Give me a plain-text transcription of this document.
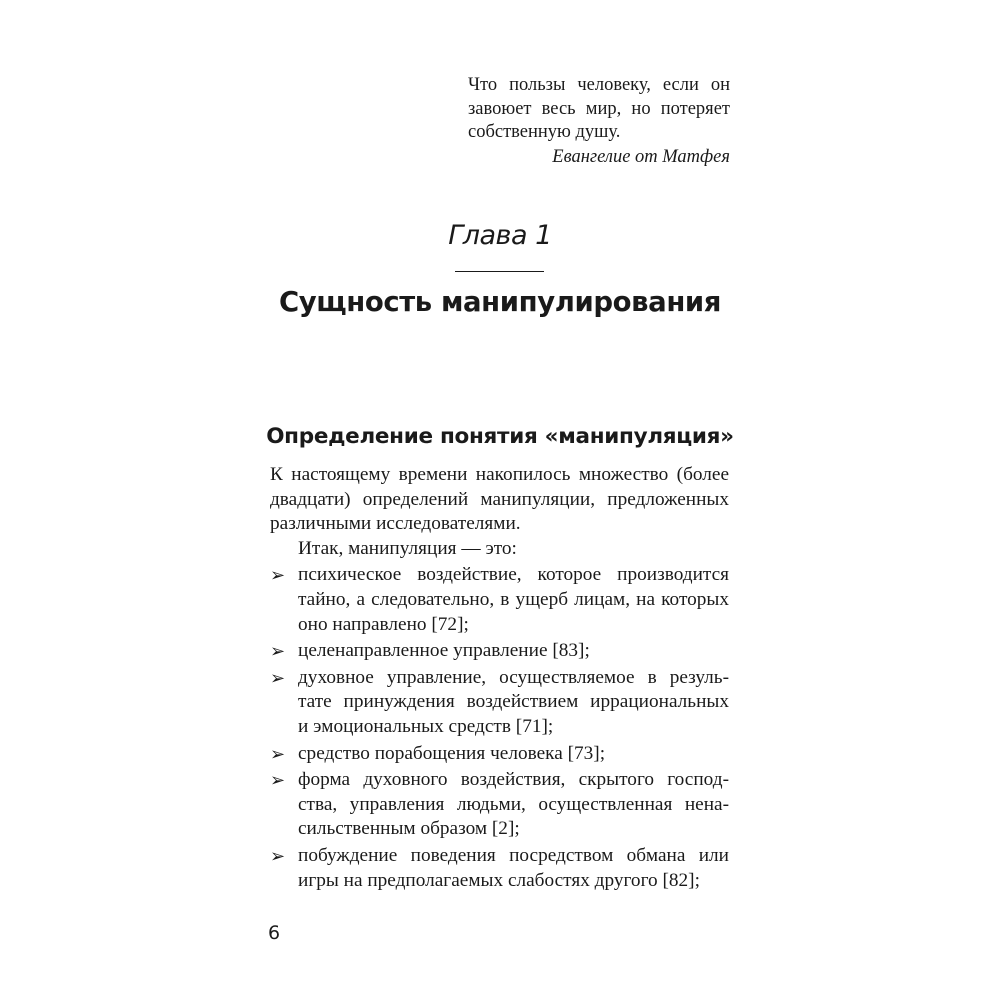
Что пользы человеку, если он
завоюет весь мир, но потеряет
собственную душу.
Евангелие от Матфея
Глава 1
Сущность манипулирования
Определение понятия «манипуляция»
К настоящему времени накопилось множество (более
двадцати) определений манипуляции, предложенных
различными исследователями.
Итак, манипуляция — это:
➢ психическое воздействие, которое производится
тайно, а следовательно, в ущерб лицам, на которых
оно направлено [72];
➢ целенаправленное управление [83];
➢ духовное управление, осуществляемое в резуль-
тате принуждения воздействием иррациональных
и эмоциональных средств [71];
➢ средство порабощения человека [73];
➢ форма духовного воздействия, скрытого господ-
ства, управления людьми, осуществленная нена-
сильственным образом [2];
➢ побуждение поведения посредством обмана или
игры на предполагаемых слабостях другого [82];
6
